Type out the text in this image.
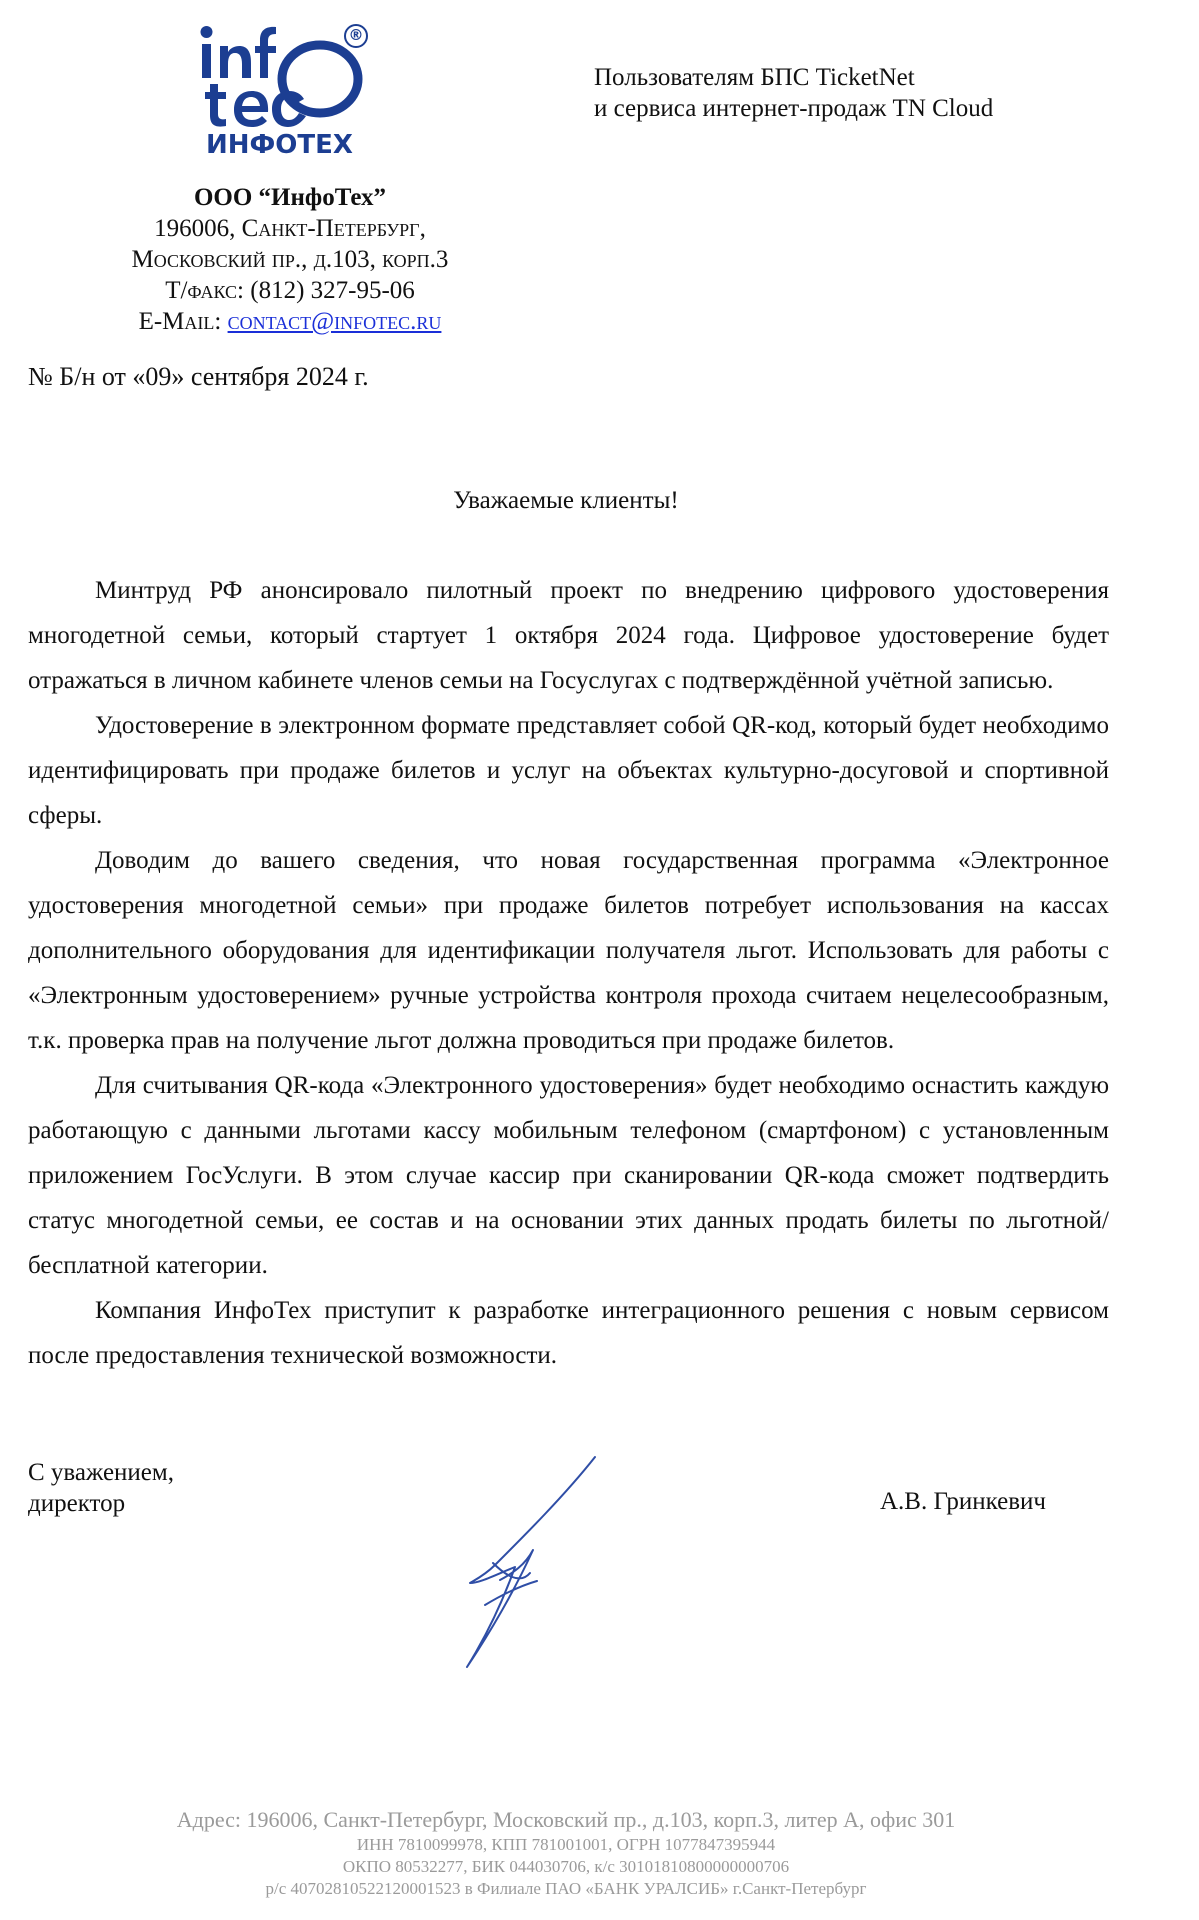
®
ИНФОТЕХ
Пользователям БПС TicketNet
и сервиса интернет-продаж TN Cloud
ООО “ИнфоТех”
196006, Санкт-Петербург,
Московский пр., д.103, корп.3
Т/факс: (812) 327-95-06
E-Mail: contact@infotec.ru
№ Б/н от «09» сентября 2024 г.
Уважаемые клиенты!

Минтруд РФ анонсировало пилотный проект по внедрению цифрового удостоверения многодетной семьи, который стартует 1 октября 2024 года. Цифровое удостоверение будет отражаться в личном кабинете членов семьи на Госуслугах с подтверждённой учётной записью.

Удостоверение в электронном формате представляет собой QR-код, который будет необходимо идентифицировать при продаже билетов и услуг на объектах культурно-досуговой и спортивной сферы.

Доводим до вашего сведения, что новая государственная программа «Электронное удостоверения многодетной семьи» при продаже билетов потребует использования на кассах дополнительного оборудования для идентификации получателя льгот. Использовать для работы с «Электронным удостоверением» ручные устройства контроля прохода считаем нецелесообразным, т.к. проверка прав на получение льгот должна проводиться при продаже билетов.

Для считывания QR-кода «Электронного удостоверения» будет необходимо оснастить каждую работающую с данными льготами кассу мобильным телефоном (смартфоном) с установленным приложением ГосУслуги. В этом случае кассир при сканировании QR-кода сможет подтвердить статус многодетной семьи, ее состав и на основании этих данных продать билеты по льготной/бесплатной категории.

Компания ИнфоТех приступит к разработке интеграционного решения с новым сервисом после предоставления технической возможности.

С уважением,
директор	А.В. Гринкевич
Адрес: 196006, Санкт-Петербург, Московский пр., д.103, корп.3, литер А, офис 301
ИНН 7810099978, КПП 781001001, ОГРН 1077847395944
ОКПО 80532277, БИК 044030706, к/с 30101810800000000706
р/с 40702810522120001523 в Филиале ПАО «БАНК УРАЛСИБ» г.Санкт-Петербург
